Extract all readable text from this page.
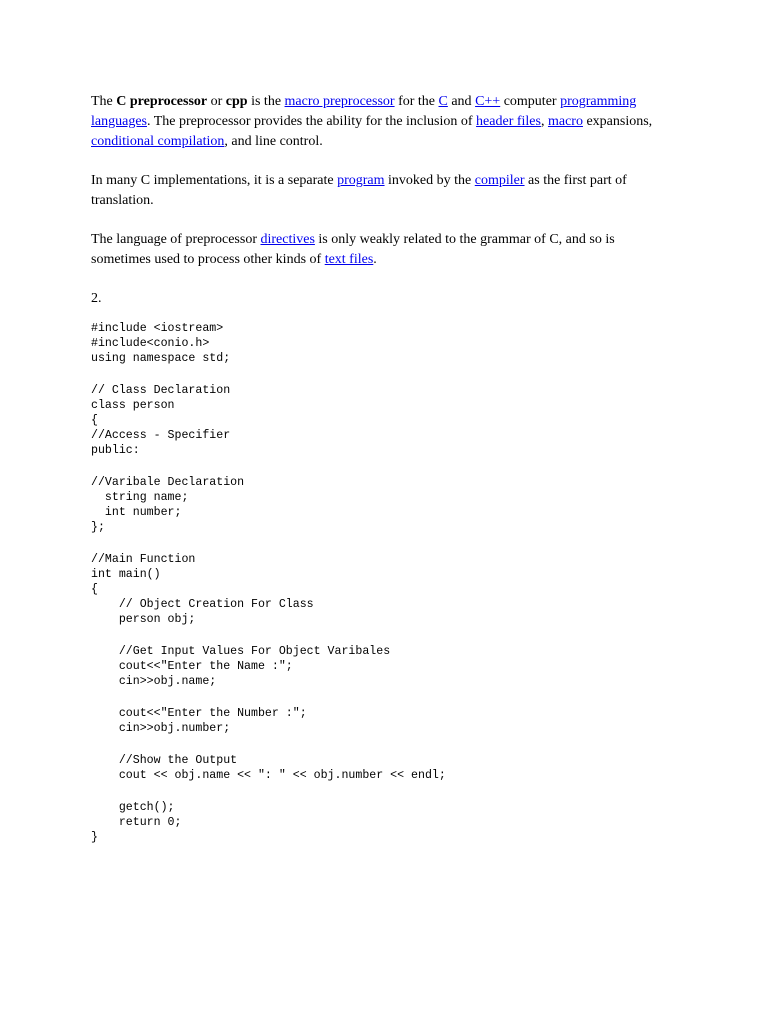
The C preprocessor or cpp is the macro preprocessor for the C and C++ computer programming languages. The preprocessor provides the ability for the inclusion of header files, macro expansions, conditional compilation, and line control.

In many C implementations, it is a separate program invoked by the compiler as the first part of translation.

The language of preprocessor directives is only weakly related to the grammar of C, and so is sometimes used to process other kinds of text files.

2.

#include <iostream>
#include<conio.h>
using namespace std;
// Class Declaration
class person
{
//Access - Specifier
public:
//Varibale Declaration
string name;
int number;
};
//Main Function
int main()
{
// Object Creation For Class
person obj;
//Get Input Values For Object Varibales
cout<<"Enter the Name :";
cin>>obj.name;
cout<<"Enter the Number :";
cin>>obj.number;
//Show the Output
cout << obj.name << ": " << obj.number << endl;
getch();
return 0;
}
